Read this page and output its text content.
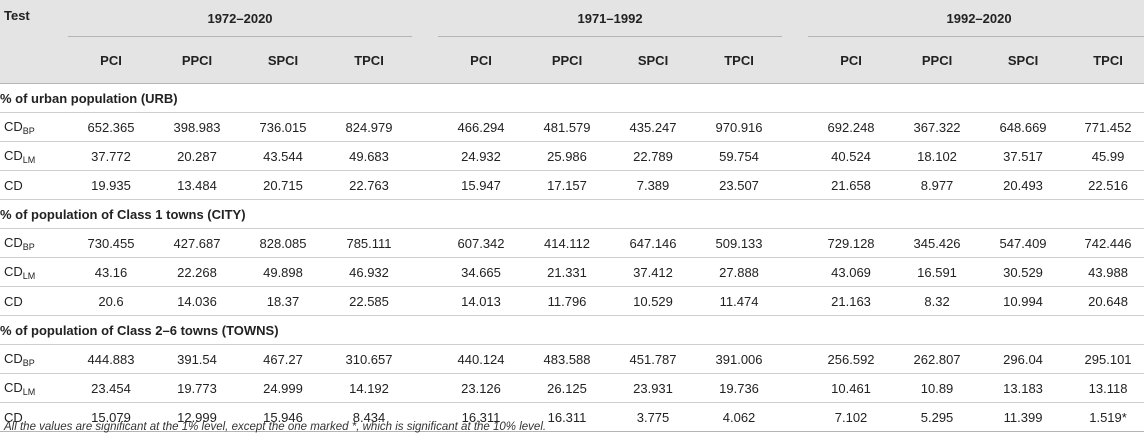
Test	1972–2020					1971–1992					1992–2020			
	PCI	PPCI	SPCI	TPCI		PCI	PPCI	SPCI	TPCI		PCI	PPCI	SPCI	TPCI
% of urban population (URB)														
$CD_{BP}$	652.365	398.983	736.015	824.979		466.294	481.579	435.247	970.916		692.248	367.322	648.669	771.452
$CD_{LM}$	37.772	20.287	43.544	49.683		24.932	25.986	22.789	59.754		40.524	18.102	37.517	45.99
CD	19.935	13.484	20.715	22.763		15.947	17.157	7.389	23.507		21.658	8.977	20.493	22.516
% of population of Class 1 towns (CITY)														
$CD_{BP}$	730.455	427.687	828.085	785.111		607.342	414.112	647.146	509.133		729.128	345.426	547.409	742.446
$CD_{LM}$	43.16	22.268	49.898	46.932		34.665	21.331	37.412	27.888		43.069	16.591	30.529	43.988
CD	20.6	14.036	18.37	22.585		14.013	11.796	10.529	11.474		21.163	8.32	10.994	20.648
% of population of Class 2–6 towns (TOWNS)														
$CD_{BP}$	444.883	391.54	467.27	310.657		440.124	483.588	451.787	391.006		256.592	262.807	296.04	295.101
$CD_{LM}$	23.454	19.773	24.999	14.192		23.126	26.125	23.931	19.736		10.461	10.89	13.183	13.118
CD	15.079	12.999	15.946	8.434		16.311	16.311	3.775	4.062		7.102	5.295	11.399	1.519*
All the values are significant at the 1% level, except the one marked *, which is significant at the 10% level.
